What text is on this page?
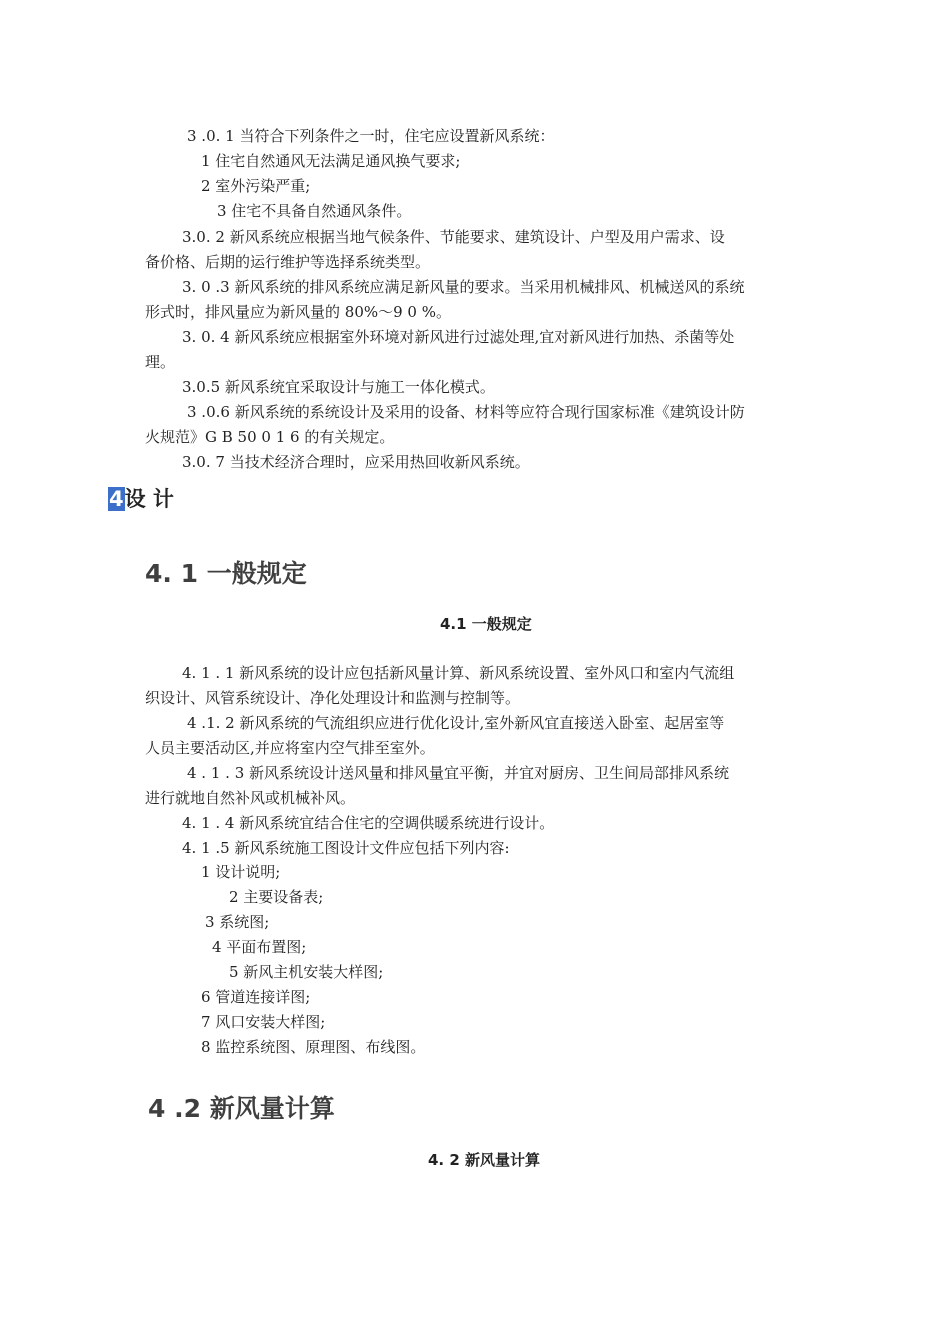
3 .0. 1 当符合下列条件之一时，住宅应设置新风系统：
1 住宅自然通风无法满足通风换气要求;
2 室外污染严重;
3 住宅不具备自然通风条件。
3.0. 2 新风系统应根据当地气候条件、节能要求、建筑设计、户型及用户需求、设
备价格、后期的运行维护等选择系统类型。
3. 0 .3 新风系统的排风系统应满足新风量的要求。当采用机械排风、机械送风的系统
形式时，排风量应为新风量的 80%～9 0 %。
3. 0. 4 新风系统应根据室外环境对新风进行过滤处理,宜对新风进行加热、杀菌等处
理。
3.0.5 新风系统宜采取设计与施工一体化模式。
3 .0.6 新风系统的系统设计及采用的设备、材料等应符合现行国家标准《建筑设计防
火规范》G B 50 0 1 6 的有关规定。
3.0. 7 当技术经济合理时，应采用热回收新风系统。
4设 计
4. 1 一般规定
4.1 一般规定
4. 1 . 1 新风系统的设计应包括新风量计算、新风系统设置、室外风口和室内气流组
织设计、风管系统设计、净化处理设计和监测与控制等。
4 .1. 2 新风系统的气流组织应进行优化设计,室外新风宜直接送入卧室、起居室等
人员主要活动区,并应将室内空气排至室外。
4 . 1 . 3 新风系统设计送风量和排风量宜平衡，并宜对厨房、卫生间局部排风系统
进行就地自然补风或机械补风。
4. 1 . 4 新风系统宜结合住宅的空调供暖系统进行设计。
4. 1 .5 新风系统施工图设计文件应包括下列内容:
1 设计说明;
2 主要设备表;
3 系统图;
4 平面布置图;
5 新风主机安装大样图;
6 管道连接详图;
7 风口安装大样图;
8 监控系统图、原理图、布线图。
4 .2 新风量计算
4. 2 新风量计算
